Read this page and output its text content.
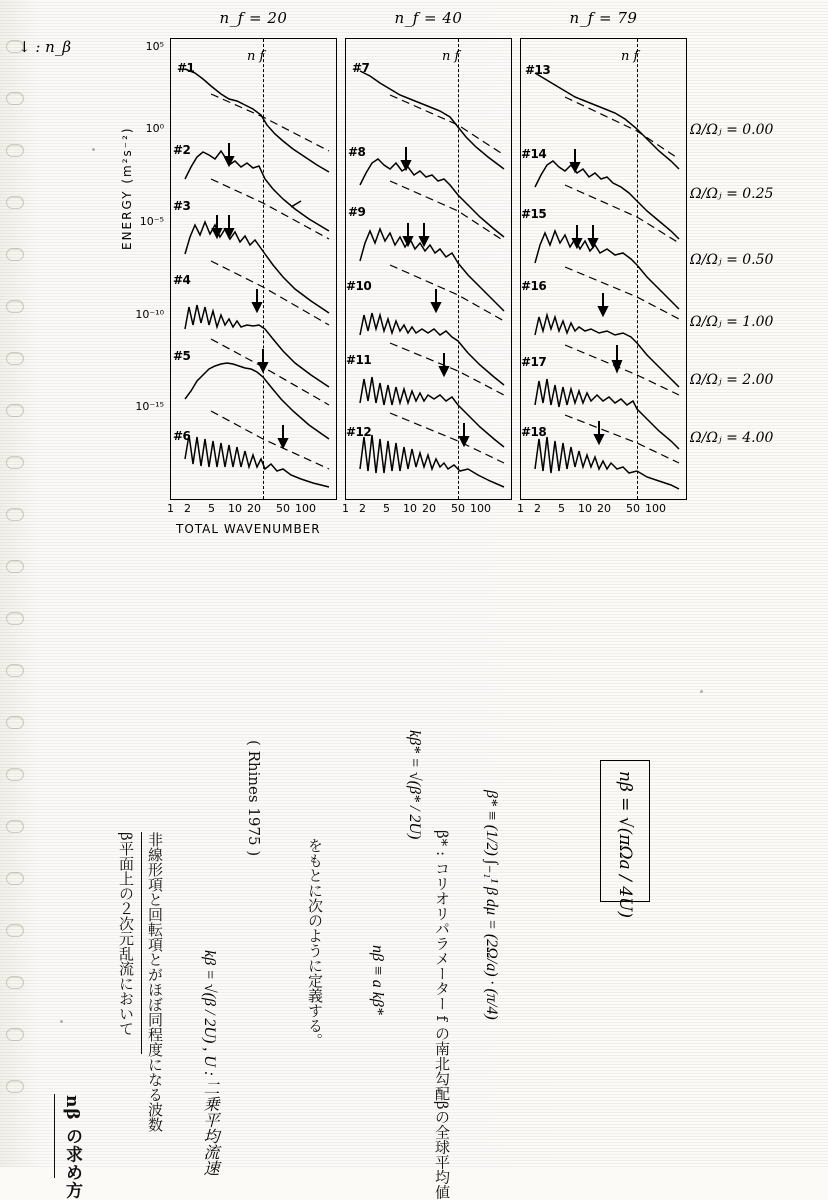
↓ : n_β
ENERGY (m²s⁻²)
10⁵
10⁰
10⁻⁵
10⁻¹⁰
10⁻¹⁵
n_f = 20
n f
#1
#2
#3
#4
#5
#6
n_f = 40
n f
#7
#8
#9
#10
#11
#12
n_f = 79
n f
#13
#14
#15
#16
#17
#18
1 2 5 10 20 50 100 1 2 5 10 20 50 100 1 2 5 10 20 50 100
TOTAL WAVENUMBER
Ω/Ωⱼ = 0.00
Ω/Ωⱼ = 0.25
Ω/Ωⱼ = 0.50
Ω/Ωⱼ = 1.00
Ω/Ωⱼ = 2.00
Ω/Ωⱼ = 4.00
nβ の求め方
β平面上の２次元乱流において 非線形項と回転項とがほぼ同程度になる波数 kβ = √(β / 2U) , U : 二乗平均流速
( Rhines 1975 )
をもとに次のように定義する。	nβ ≡ a kβ*
kβ* = √(β* / 2U)
β* : コリオリパラメーター f の南北勾配βの全球平均値 β* ≡ (1/2) ∫₋₁¹ β dμ = (2Ω/a) · (π/4)	nβ = √(πΩa / 4U)
